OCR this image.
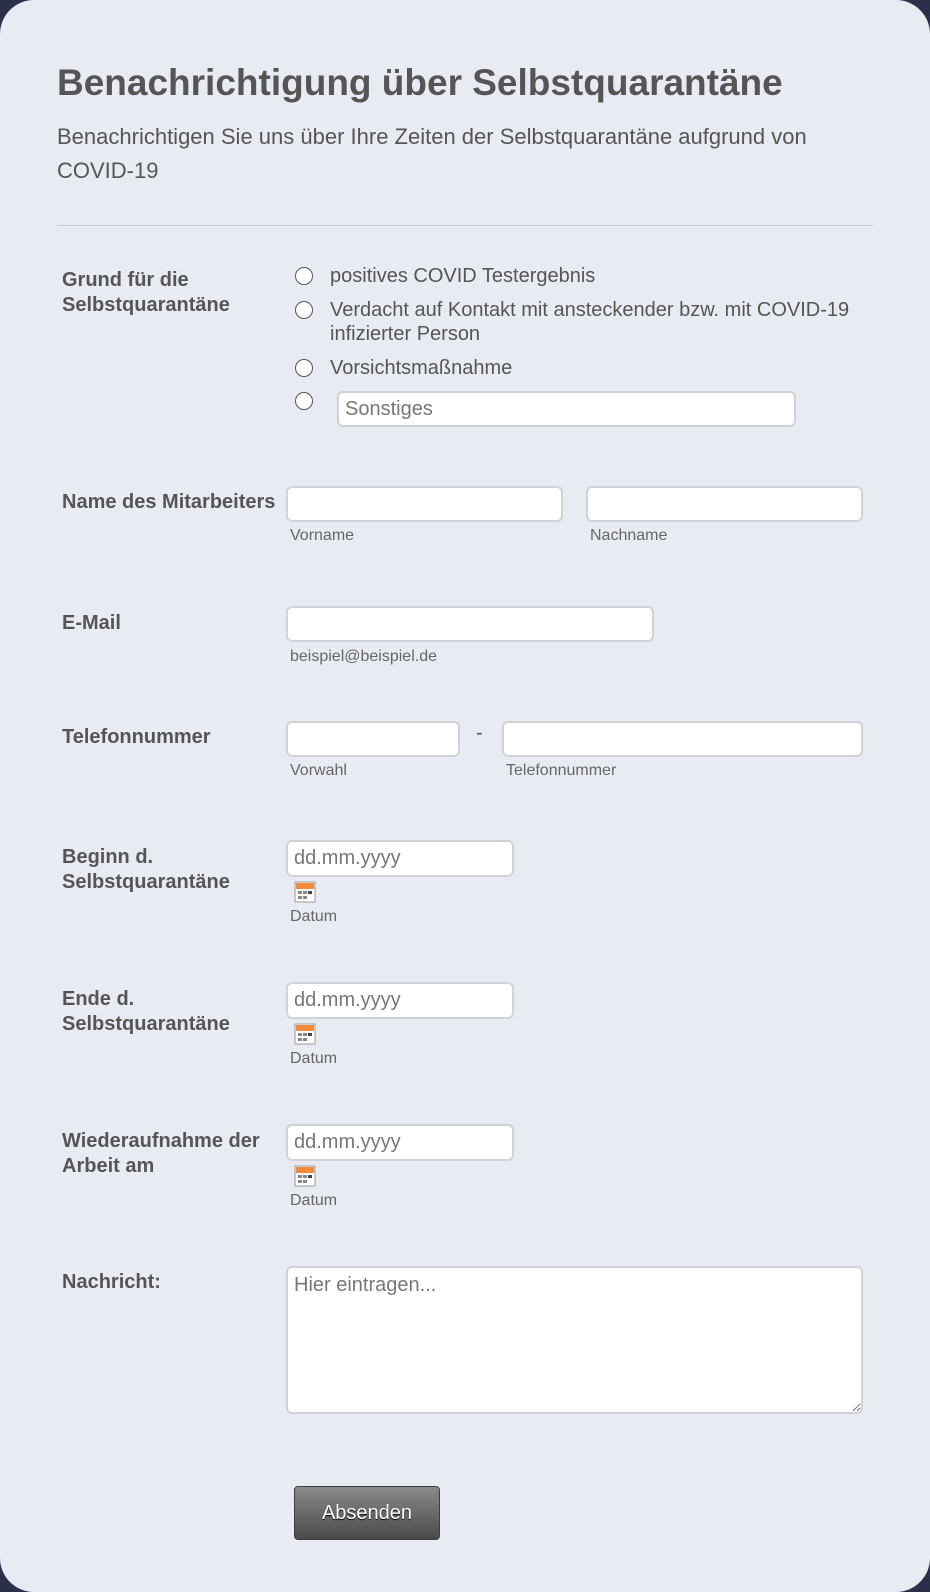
Benachrichtigung über Selbstquarantäne
Benachrichtigen Sie uns über Ihre Zeiten der Selbstquarantäne aufgrund von COVID-19
Grund für die Selbstquarantäne
positives COVID Testergebnis
Verdacht auf Kontakt mit ansteckender bzw. mit COVID-19 infizierter Person
Vorsichtsmaßnahme
Sonstiges
Name des Mitarbeiters
Vorname	Nachname
E-Mail
beispiel@beispiel.de
Telefonnummer	-
Vorwahl	Telefonnummer
Beginn d. Selbstquarantäne
dd.mm.yyyy
Datum
Ende d. Selbstquarantäne
dd.mm.yyyy
Datum
Wiederaufnahme der Arbeit am
dd.mm.yyyy
Datum
Nachricht:
Hier eintragen...
Absenden
